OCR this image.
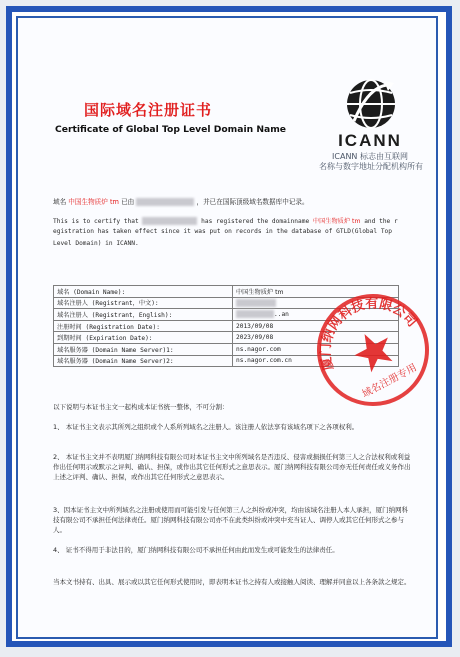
国际域名注册证书
Certificate of Global Top Level Domain Name
ICANN
ICANN 标志由互联网
名称与数字地址分配机构所有
域名 中国生物质炉 tm 已由	，并已在国际顶级域名数据库中记录。
This is to certify that	has registered the domainname 中国生物质炉 tm and the r
egistration has taken effect since it was put on records in the database of GTLD(Global Top
Level Domain) in ICANN.
域名 (Domain Name):	中国生物质炉 tm
域名注册人 (Registrant，中文):	
域名注册人 (Registrant，English):	..an
注册时间 (Registration Date):	2013/09/08
到期时间 (Expiration Date):	2023/09/08
域名服务器 (Domain Name Server)1:	ns.nagor.com
域名服务器 (Domain Name Server)2:	ns.nagor.com.cn	厦门纳网科技有限公司
域名注册专用
以下说明与本证书主文一起构成本证书统一整体，不可分割：
1、 本证书主文表示其所列之组织或个人系所列域名之注册人。该注册人依法享有该域名项下之各项权利。
2、 本证书主文并不表明厦门纳网科技有限公司对本证书主文中所列域名是否违反、侵害或损损任何第三人之合法权利或利益作出任何明示或默示之评判、确认、担保，或作出其它任何形式之意思表示。厦门纳网科技有限公司亦无任何责任或义务作出上述之评判、确认、担保，或作出其它任何形式之意思表示。
3、因本证书主文中所列域名之注册或使用而可能引发与任何第三人之纠纷或冲突，均由该域名注册人本人承担，厦门纳网科技有限公司不承担任何法律责任。厦门纳网科技有限公司亦不在此类纠纷或冲突中充当证人、调停人或其它任何形式之参与人。
4、 证书不得用于非法目的，厦门纳网科技有限公司不承担任何由此而发生或可能发生的法律责任。
当本文书持有、出具、展示或以其它任何形式使用时，即表明本证书之持有人或接触人阅读、理解并同意以上各条款之规定。
